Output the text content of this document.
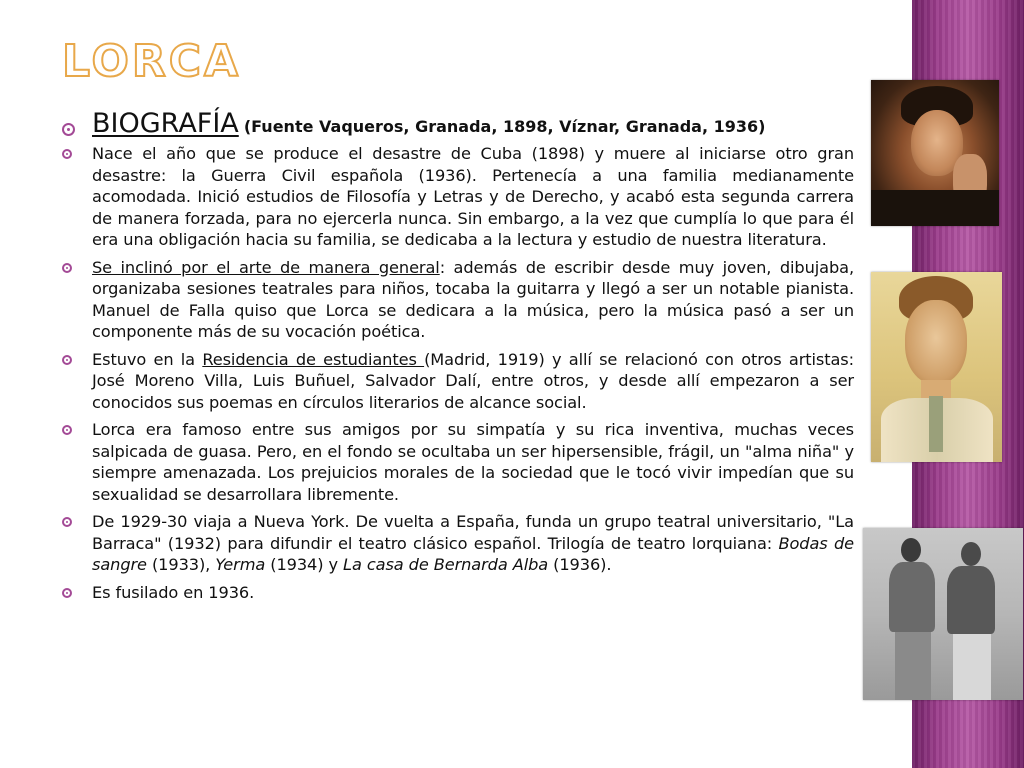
LORCA
BIOGRAFÍA (Fuente Vaqueros, Granada, 1898, Víznar, Granada, 1936)
Nace el año que se produce el desastre de Cuba (1898) y muere al iniciarse otro gran desastre: la Guerra Civil española (1936). Pertenecía a una familia medianamente acomodada. Inició estudios de Filosofía y Letras y de Derecho, y acabó esta segunda carrera de manera forzada, para no ejercerla nunca. Sin embargo, a la vez que cumplía lo que para él era una obligación hacia su familia, se dedicaba a la lectura y estudio de nuestra literatura.
Se inclinó por el arte de manera general: además de escribir desde muy joven, dibujaba, organizaba sesiones teatrales para niños, tocaba la guitarra y llegó a ser un notable pianista. Manuel de Falla quiso que Lorca se dedicara a la música, pero la música pasó a ser un componente más de su vocación poética.
Estuvo en la Residencia de estudiantes (Madrid, 1919) y allí se relacionó con otros artistas: José Moreno Villa, Luis Buñuel, Salvador Dalí, entre otros, y desde allí empezaron a ser conocidos sus poemas en círculos literarios de alcance social.
Lorca era famoso entre sus amigos por su simpatía y su rica inventiva, muchas veces salpicada de guasa. Pero, en el fondo se ocultaba un ser hipersensible, frágil, un "alma niña" y siempre amenazada. Los prejuicios morales de la sociedad que le tocó vivir impedían que su sexualidad se desarrollara libremente.
De 1929-30 viaja a Nueva York. De vuelta a España, funda un grupo teatral universitario, "La Barraca" (1932) para difundir el teatro clásico español. Trilogía de teatro lorquiana: Bodas de sangre (1933), Yerma (1934) y La casa de Bernarda Alba (1936).
Es fusilado en 1936.
